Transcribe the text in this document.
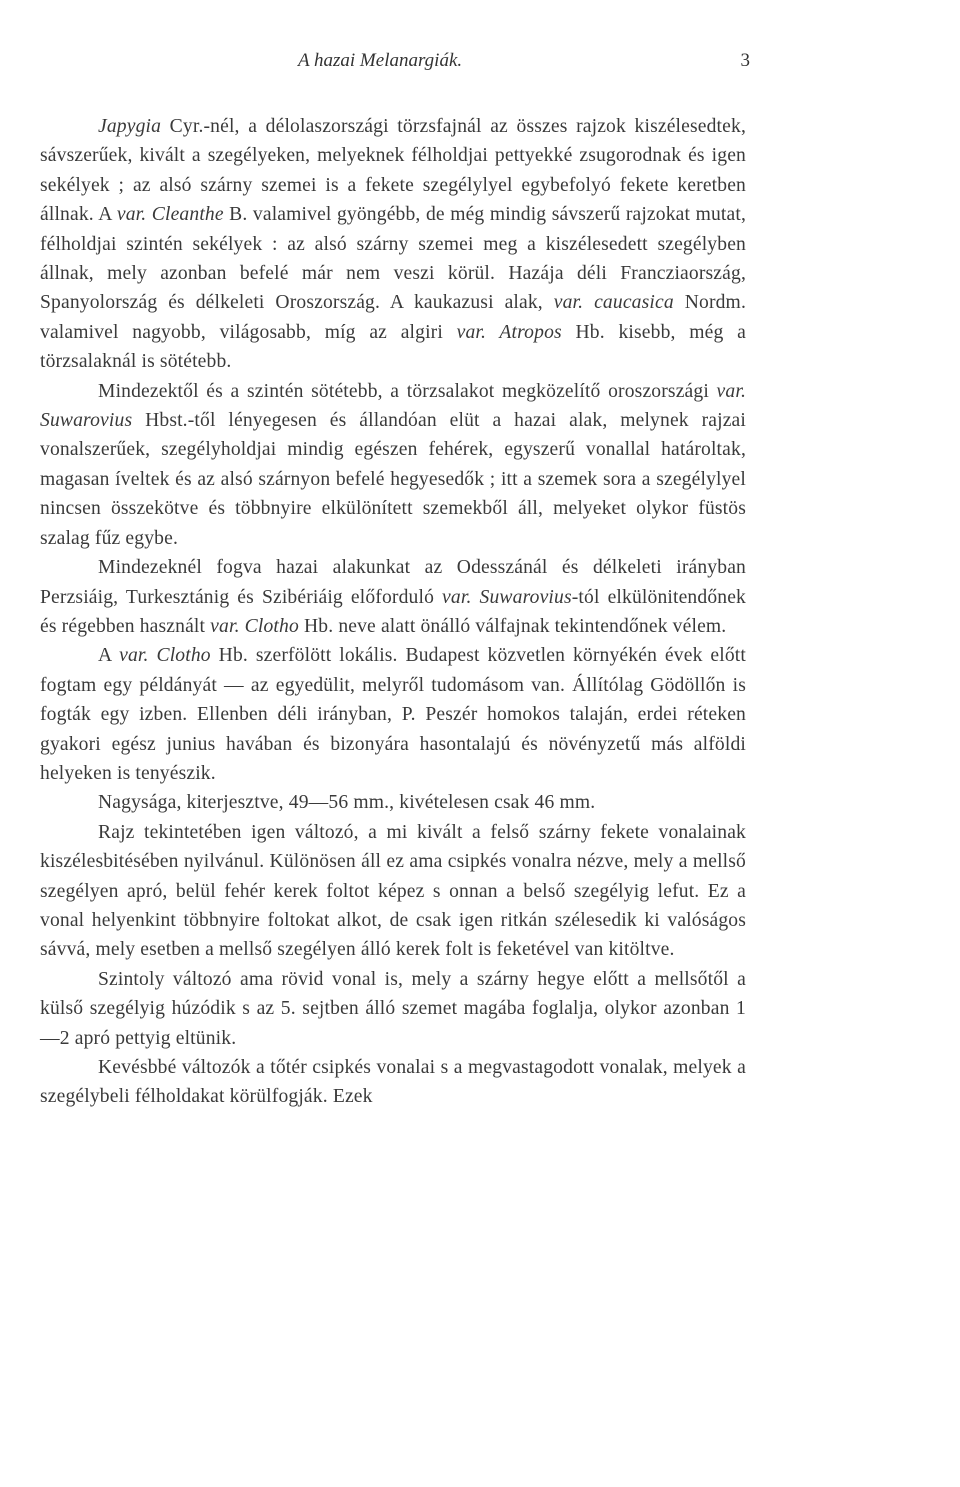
A hazai Melanargiák.	3

Japygia Cyr.-nél, a délolaszországi törzsfajnál az összes rajzok kiszélesedtek, sávszerűek, kivált a szegélyeken, melyeknek félholdjai pettyekké zsugorodnak és igen sekélyek ; az alsó szárny szemei is a fekete szegélylyel egybefolyó fekete keretben állnak. A var. Cleanthe B. valamivel gyöngébb, de még mindig sávszerű rajzokat mutat, félholdjai szintén sekélyek : az alsó szárny szemei meg a kiszélesedett szegélyben állnak, mely azonban befelé már nem veszi körül. Hazája déli Francziaország, Spanyolország és délkeleti Oroszország. A kaukazusi alak, var. caucasica Nordm. valamivel nagyobb, világosabb, míg az algiri var. Atropos Hb. kisebb, még a törzsalaknál is sötétebb.

Mindezektől és a szintén sötétebb, a törzsalakot megközelítő oroszországi var. Suwarovius Hbst.-től lényegesen és állandóan elüt a hazai alak, melynek rajzai vonalszerűek, szegélyholdjai mindig egészen fehérek, egyszerű vonallal határoltak, magasan íveltek és az alsó szárnyon befelé hegyesedők ; itt a szemek sora a szegélylyel nincsen összekötve és többnyire elkülönített szemekből áll, melyeket olykor füstös szalag fűz egybe.

Mindezeknél fogva hazai alakunkat az Odesszánál és délkeleti irányban Perzsiáig, Turkesztánig és Szibériáig előforduló var. Suwarovius-tól elkülönitendőnek és régebben használt var. Clotho Hb. neve alatt önálló válfajnak tekintendőnek vélem.

A var. Clotho Hb. szerfölött lokális. Budapest közvetlen környékén évek előtt fogtam egy példányát — az egyedülit, melyről tudomásom van. Állítólag Gödöllőn is fogták egy izben. Ellenben déli irányban, P. Peszér homokos talaján, erdei réteken gyakori egész junius havában és bizonyára hasontalajú és növényzetű más alföldi helyeken is tenyészik.

Nagysága, kiterjesztve, 49—56 mm., kivételesen csak 46 mm.

Rajz tekintetében igen változó, a mi kivált a felső szárny fekete vonalainak kiszélesbitésében nyilvánul. Különösen áll ez ama csipkés vonalra nézve, mely a mellső szegélyen apró, belül fehér kerek foltot képez s onnan a belső szegélyig lefut. Ez a vonal helyenkint többnyire foltokat alkot, de csak igen ritkán szélesedik ki valóságos sávvá, mely esetben a mellső szegélyen álló kerek folt is feketével van kitöltve.

Szintoly változó ama rövid vonal is, mely a szárny hegye előtt a mellsőtől a külső szegélyig húzódik s az 5. sejtben álló szemet magába foglalja, olykor azonban 1—2 apró pettyig eltünik.

Kevésbbé változók a tőtér csipkés vonalai s a megvastagodott vonalak, melyek a szegélybeli félholdakat körülfogják. Ezek
